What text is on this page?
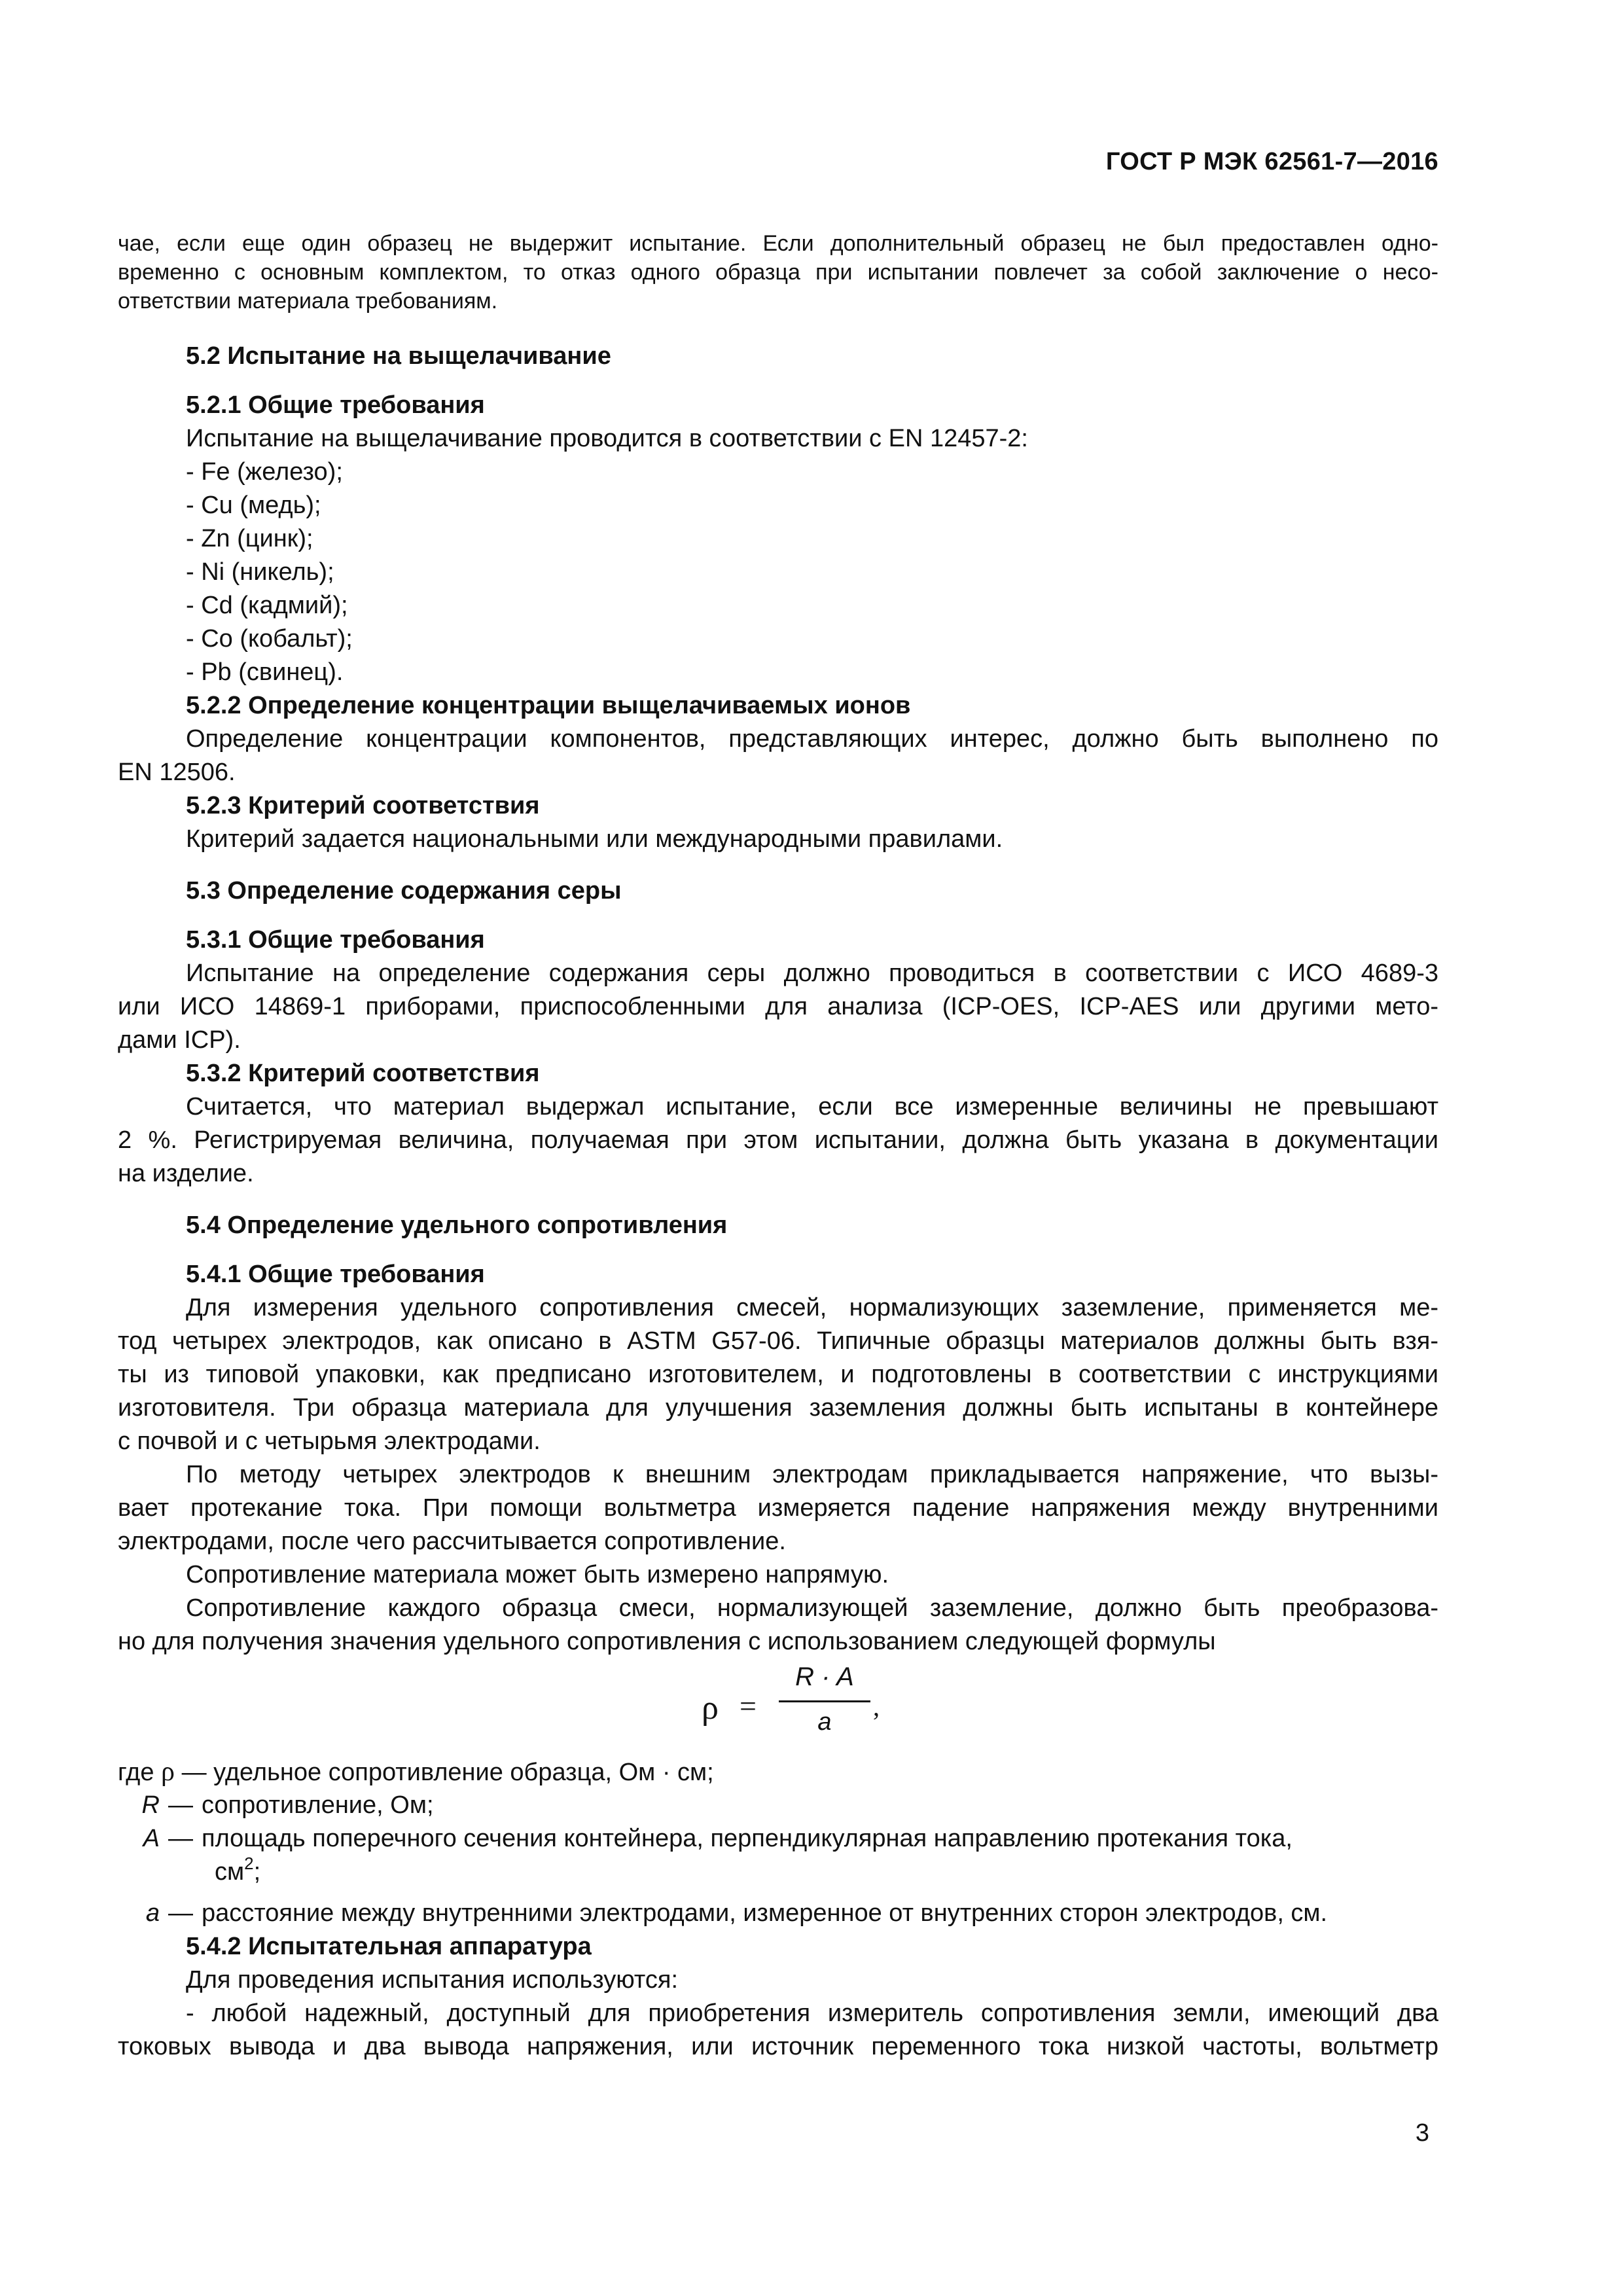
ГОСТ Р МЭК 62561-7—2016
чае, если еще один образец не выдержит испытание. Если дополнительный образец не был предоставлен одно-
временно с основным комплектом, то отказ одного образца при испытании повлечет за собой заключение о несо-
ответствии материала требованиям.
5.2 Испытание на выщелачивание
5.2.1 Общие требования
Испытание на выщелачивание проводится в соответствии с EN 12457-2:
- Fe (железо);
- Cu (медь);
- Zn (цинк);
- Ni (никель);
- Cd (кадмий);
- Co (кобальт);
- Pb (свинец).
5.2.2 Определение концентрации выщелачиваемых ионов
Определение концентрации компонентов, представляющих интерес, должно быть выполнено по
EN 12506.
5.2.3 Критерий соответствия
Критерий задается национальными или международными правилами.
5.3 Определение содержания серы
5.3.1 Общие требования
Испытание на определение содержания серы должно проводиться в соответствии с ИСО 4689-3
или ИСО 14869-1 приборами, приспособленными для анализа (ICP-OES, ICP-AES или другими мето-
дами ICP).
5.3.2 Критерий соответствия
Считается, что материал выдержал испытание, если все измеренные величины не превышают
2 %. Регистрируемая величина, получаемая при этом испытании, должна быть указана в документации
на изделие.
5.4 Определение удельного сопротивления
5.4.1 Общие требования
Для измерения удельного сопротивления смесей, нормализующих заземление, применяется ме-
тод четырех электродов, как описано в ASTM G57-06. Типичные образцы материалов должны быть взя-
ты из типовой упаковки, как предписано изготовителем, и подготовлены в соответствии с инструкциями
изготовителя. Три образца материала для улучшения заземления должны быть испытаны в контейнере
с почвой и с четырьмя электродами.
По методу четырех электродов к внешним электродам прикладывается напряжение, что вызы-
вает протекание тока. При помощи вольтметра измеряется падение напряжения между внутренними
электродами, после чего рассчитывается сопротивление.
Сопротивление материала может быть измерено напрямую.
Сопротивление каждого образца смеси, нормализующей заземление, должно быть преобразова-
но для получения значения удельного сопротивления с использованием следующей формулы
ρ =
R · A
a
,
где ρ — удельное сопротивление образца, Ом · см;
R — сопротивление, Ом;
A — площадь поперечного сечения контейнера, перпендикулярная направлению протекания тока,
$см^2$;
a — расстояние между внутренними электродами, измеренное от внутренних сторон электродов, см.
5.4.2 Испытательная аппаратура
Для проведения испытания используются:
- любой надежный, доступный для приобретения измеритель сопротивления земли, имеющий два
токовых вывода и два вывода напряжения, или источник переменного тока низкой частоты, вольтметр
3
